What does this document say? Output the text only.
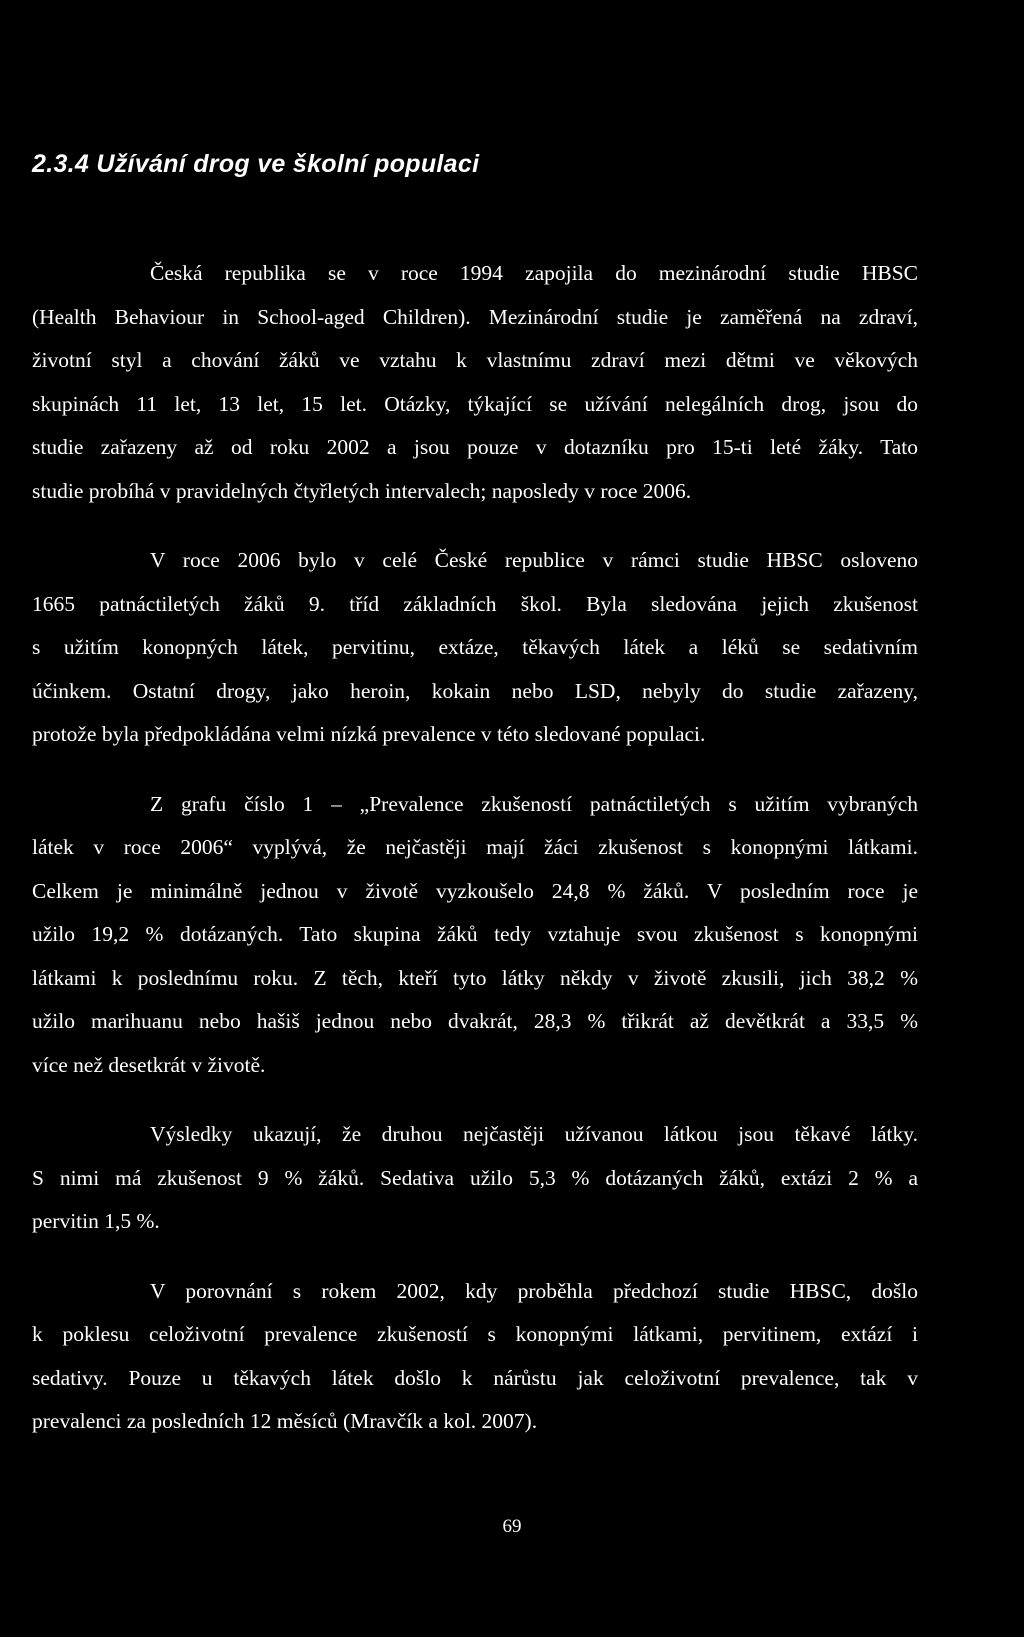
2.3.4 Užívání drog ve školní populaci
Česká republika se v roce 1994 zapojila do mezinárodní studie HBSC
(Health Behaviour in School-aged Children). Mezinárodní studie je zaměřená na zdraví,
životní styl a chování žáků ve vztahu k vlastnímu zdraví mezi dětmi ve věkových
skupinách 11 let, 13 let, 15 let. Otázky, týkající se užívání nelegálních drog, jsou do
studie zařazeny až od roku 2002 a jsou pouze v dotazníku pro 15-ti leté žáky. Tato
studie probíhá v pravidelných čtyřletých intervalech; naposledy v roce 2006.
V roce 2006 bylo v celé České republice v rámci studie HBSC osloveno
1665 patnáctiletých žáků 9. tříd základních škol. Byla sledována jejich zkušenost
s užitím konopných látek, pervitinu, extáze, těkavých látek a léků se sedativním
účinkem. Ostatní drogy, jako heroin, kokain nebo LSD, nebyly do studie zařazeny,
protože byla předpokládána velmi nízká prevalence v této sledované populaci.
Z grafu číslo 1 – „Prevalence zkušeností patnáctiletých s užitím vybraných
látek v roce 2006“ vyplývá, že nejčastěji mají žáci zkušenost s konopnými látkami.
Celkem je minimálně jednou v životě vyzkoušelo 24,8 % žáků. V posledním roce je
užilo 19,2 % dotázaných. Tato skupina žáků tedy vztahuje svou zkušenost s konopnými
látkami k poslednímu roku. Z těch, kteří tyto látky někdy v životě zkusili, jich 38,2 %
užilo marihuanu nebo hašiš jednou nebo dvakrát, 28,3 % třikrát až devětkrát a 33,5 %
více než desetkrát v životě.
Výsledky ukazují, že druhou nejčastěji užívanou látkou jsou těkavé látky.
S nimi má zkušenost 9 % žáků. Sedativa užilo 5,3 % dotázaných žáků, extázi 2 % a
pervitin 1,5 %.
V porovnání s rokem 2002, kdy proběhla předchozí studie HBSC, došlo
k poklesu celoživotní prevalence zkušeností s konopnými látkami, pervitinem, extází i
sedativy. Pouze u těkavých látek došlo k nárůstu jak celoživotní prevalence, tak v
prevalenci za posledních 12 měsíců (Mravčík a kol. 2007).
69
